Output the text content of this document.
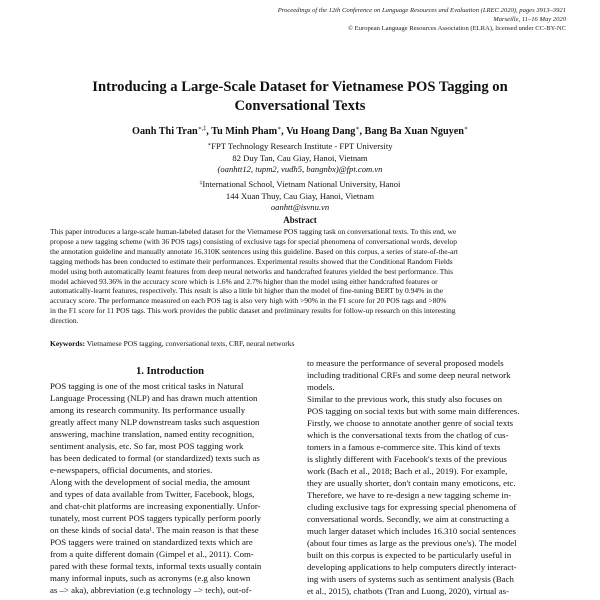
Proceedings of the 12th Conference on Language Resources and Evaluation (LREC 2020), pages 3913–3921
Marseille, 11–16 May 2020
© European Language Resources Association (ELRA), licensed under CC-BY-NC
Introducing a Large-Scale Dataset for Vietnamese POS Tagging on
Conversational Texts
Oanh Thi Tran∗,‡, Tu Minh Pham∗, Vu Hoang Dang∗, Bang Ba Xuan Nguyen∗
∗FPT Technology Research Institute - FPT University
82 Duy Tan, Cau Giay, Hanoi, Vietnam
(oanhtt12, tupm2, vudh5, bangnbx)@fpt.com.vn
‡International School, Vietnam National University, Hanoi
144 Xuan Thuy, Cau Giay, Hanoi, Vietnam
oanhtt@isvnu.vn
Abstract
This paper introduces a large-scale human-labeled dataset for the Vietnamese POS tagging task on conversational texts. To this end, we
propose a new tagging scheme (with 36 POS tags) consisting of exclusive tags for special phenomena of conversational words, develop
the annotation guideline and manually annotate 16.310K sentences using this guideline. Based on this corpus, a series of state-of-the-art
tagging methods has been conducted to estimate their performances. Experimental results showed that the Conditional Random Fields
model using both automatically learnt features from deep neural networks and handcrafted features yielded the best performance. This
model achieved 93.36% in the accuracy score which is 1.6% and 2.7% higher than the model using either handcrafted features or
automatically-learnt features, respectively. This result is also a little bit higher than the model of fine-tuning BERT by 0.94% in the
accuracy score. The performance measured on each POS tag is also very high with >90% in the F1 score for 20 POS tags and >80%
in the F1 score for 11 POS tags. This work provides the public dataset and preliminary results for follow-up research on this interesting
direction.
Keywords: Vietnamese POS tagging, conversational texts, CRF, neural networks
1. Introduction
POS tagging is one of the most critical tasks in Natural
Language Processing (NLP) and has drawn much attention
among its research community. Its performance usually
greatly affect many NLP downstream tasks such asquestion
answering, machine translation, named entity recognition,
sentiment analysis, etc. So far, most POS tagging work
has been dedicated to formal (or standardized) texts such as
e-newspapers, official documents, and stories.
Along with the development of social media, the amount
and types of data available from Twitter, Facebook, blogs,
and chat-chit platforms are increasing exponentially. Unfor-
tunately, most current POS taggers typically perform poorly
on these kinds of social data¹. The main reason is that these
POS taggers were trained on standardized texts which are
from a quite different domain (Gimpel et al., 2011). Com-
pared with these formal texts, informal texts usually contain
many informal inputs, such as acronyms (e.g also known
as –> aka), abbreviation (e.g technology –> tech), out-of-
to measure the performance of several proposed models
including traditional CRFs and some deep neural network
models.
Similar to the previous work, this study also focuses on
POS tagging on social texts but with some main differences.
Firstly, we choose to annotate another genre of social texts
which is the conversational texts from the chatlog of cus-
tomers in a famous e-commerce site. This kind of texts
is slightly different with Facebook's texts of the previous
work (Bach et al., 2018; Bach et al., 2019). For example,
they are usually shorter, don't contain many emoticons, etc.
Therefore, we have to re-design a new tagging scheme in-
cluding exclusive tags for expressing special phenomena of
conversational words. Secondly, we aim at constructing a
much larger dataset which includes 16.310 social sentences
(about four times as large as the previous one's). The model
built on this corpus is expected to be particularly useful in
developing applications to help computers directly interact-
ing with users of systems such as sentiment analysis (Bach
et al., 2015), chatbots (Tran and Luong, 2020), virtual as-
